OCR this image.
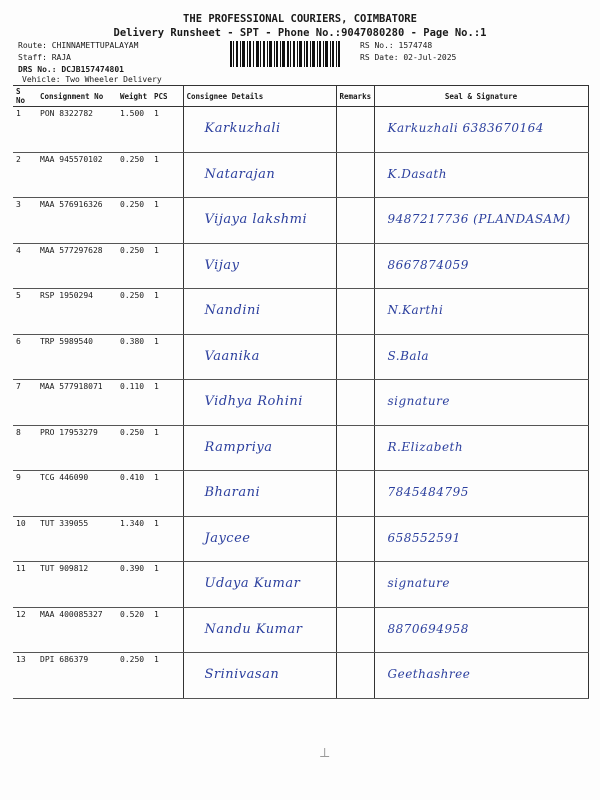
THE PROFESSIONAL COURIERS, COIMBATORE
Delivery Runsheet - SPT - Phone No.:9047080280 - Page No.:1
Route: CHINNAMETTUPALAYAM
Staff: RAJA
DRS No.: DCJB157474801
Vehicle: Two Wheeler Delivery
RS No.: 1574748
RS Date: 02-Jul-2025
S No	Consignment No	Weight	PCS	Consignee Details	Remarks	Seal & Signature
1	PON 8322782	1.500	1	Karkuzhali		Karkuzhali 6383670164

2	MAA 945570102	0.250	1	Natarajan		K.Dasath

3	MAA 576916326	0.250	1	Vijaya lakshmi		9487217736 (PLANDASAM)

4	MAA 577297628	0.250	1	Vijay		8667874059

5	RSP 1950294	0.250	1	Nandini		N.Karthi

6	TRP 5989540	0.380	1	Vaanika		S.Bala

7	MAA 577918071	0.110	1	Vidhya Rohini		signature

8	PRO 17953279	0.250	1	Rampriya		R.Elizabeth

9	TCG 446090	0.410	1	Bharani		7845484795

10	TUT 339055	1.340	1	Jaycee		658552591

11	TUT 909812	0.390	1	Udaya Kumar		signature

12	MAA 400085327	0.520	1	Nandu Kumar		8870694958

13	DPI 686379	0.250	1	Srinivasan		Geethashree
⟂
